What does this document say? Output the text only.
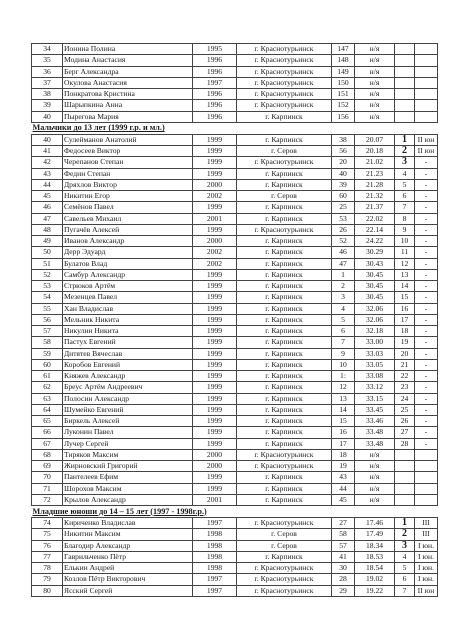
34	Ионина Полина	1995	г. Краснотурьинск	147	н/я		
35	Модина Анастасия	1996	г. Краснотурьинск	148	н/я		
36	Берг Александра	1996	г. Краснотурьинск	149	н/я		
37	Окулова Анастасия	1997	г. Краснотурьинск	150	н/я		
38	Понкратова Кристина	1996	г. Краснотурьинск	151	н/я		
39	Шарыпкина Анна	1996	г. Краснотурьинск	152	н/я		
40	Пырегова Мария	1996	г. Карпинск	156	н/я		
Мальчики до 13 лет (1999 г.р. и мл.)							
40	Сулейманов Анатолий	1999	г. Карпинск	38	20.07	1	II юн
41	Федосеев Виктор	1999	г. Серов	56	20.18	2	II юн
42	Черепанов Степан	1999	г. Краснотурьинск	20	21.02	3	-
43	Федин Степан	1999	г. Карпинск	40	21.23	4	-
44	Дряхлов Виктор	2000	г. Карпинск	39	21.28	5	-
45	Никитин Егор	2002	г. Серов	60	21.32	6	-
46	Семёнов Павел	1999	г. Карпинск	25	21.37	7	-
47	Савельев Михаил	2001	г. Карпинск	53	22.02	8	-
48	Пугачёв Алексей	1999	г. Краснотурьинск	26	22.14	9	-
49	Иванов Александр	2000	г. Карпинск	52	24.22	10	-
50	Дерр Эдуард	2002	г. Карпинск	46	30.29	11	-
51	Булатов Влад	2002	г. Карпинск	47	30.43	12	-
52	Самбур Александр	1999	г. Карпинск	1	30.45	13	-
53	Стрюков Артём	1999	г. Карпинск	2	30.45	14	-
54	Мезенцев Павел	1999	г. Карпинск	3	30.45	15	-
55	Хан Владислав	1999	г. Карпинск	4	32.06	16	-
56	Мельник Никита	1999	г. Карпинск	5	32.06	17	-
57	Никулин Никита	1999	г. Карпинск	6	32.18	18	-
58	Пастух Евгений	1999	г. Карпинск	7	33.00	19	-
59	Дитятев Вячеслав	1999	г. Карпинск	9	33.03	20	-
60	Коробов Евгений	1999	г. Карпинск	10	33.05	21	-
61	Княжев Александр	1999	г. Карпинск	1:	33.08	22	-
62	Бреус Артём Андреевич	1999	г. Карпинск	12	33.12	23	-
63	Полосин Александр	1999	г. Карпинск	13	33.15	24	-
64	Шумейко Евгений	1999	г. Карпинск	14	33.45	25	-
65	Биркель Алексей	1999	г. Карпинск	15	33.46	26	-
66	Луконин Павел	1999	г. Карпинск	16	33.48	27	-
67	Лучер Сергей	1999	г. Карпинск	17	33.48	28	-
68	Тиряков Максим	2000	г. Краснотурьинск	18	н/я		
69	Жирновский Григорий	2000	г. Краснотурьинск	19	н/я		
70	Пантелеев Ефим	1999	г. Карпинск	43	н/я		
71	Шорохов Максим	1999	г. Карпинск	44	н/я		
72	Крылов Александр	2001	г. Карпинск	45	н/я		
Младшие юноши до 14 – 15 лет (1997 - 1998г.р.)							
74	Кириченко Владислав	1997	г. Краснотурьинск	27	17.46	1	III
75	Никитин Максим	1998	г. Серов	58	17.49	2	III
76	Благодир Александр	1998	г. Серов	57	18.34	3	I юн.
77	Гаврильченко Пётр	1998	г. Карпинск	41	18.53	4	I юн.
78	Елькин Андрей	1998	г. Краснотурьинск	30	18.54	5	I юн.
79	Козлов Пётр Викторович	1997	г. Краснотурьинск	28	19.02	6	I юн.
80	Ясский Сергей	1997	г. Краснотурьинск	29	19.22	7	II юн
